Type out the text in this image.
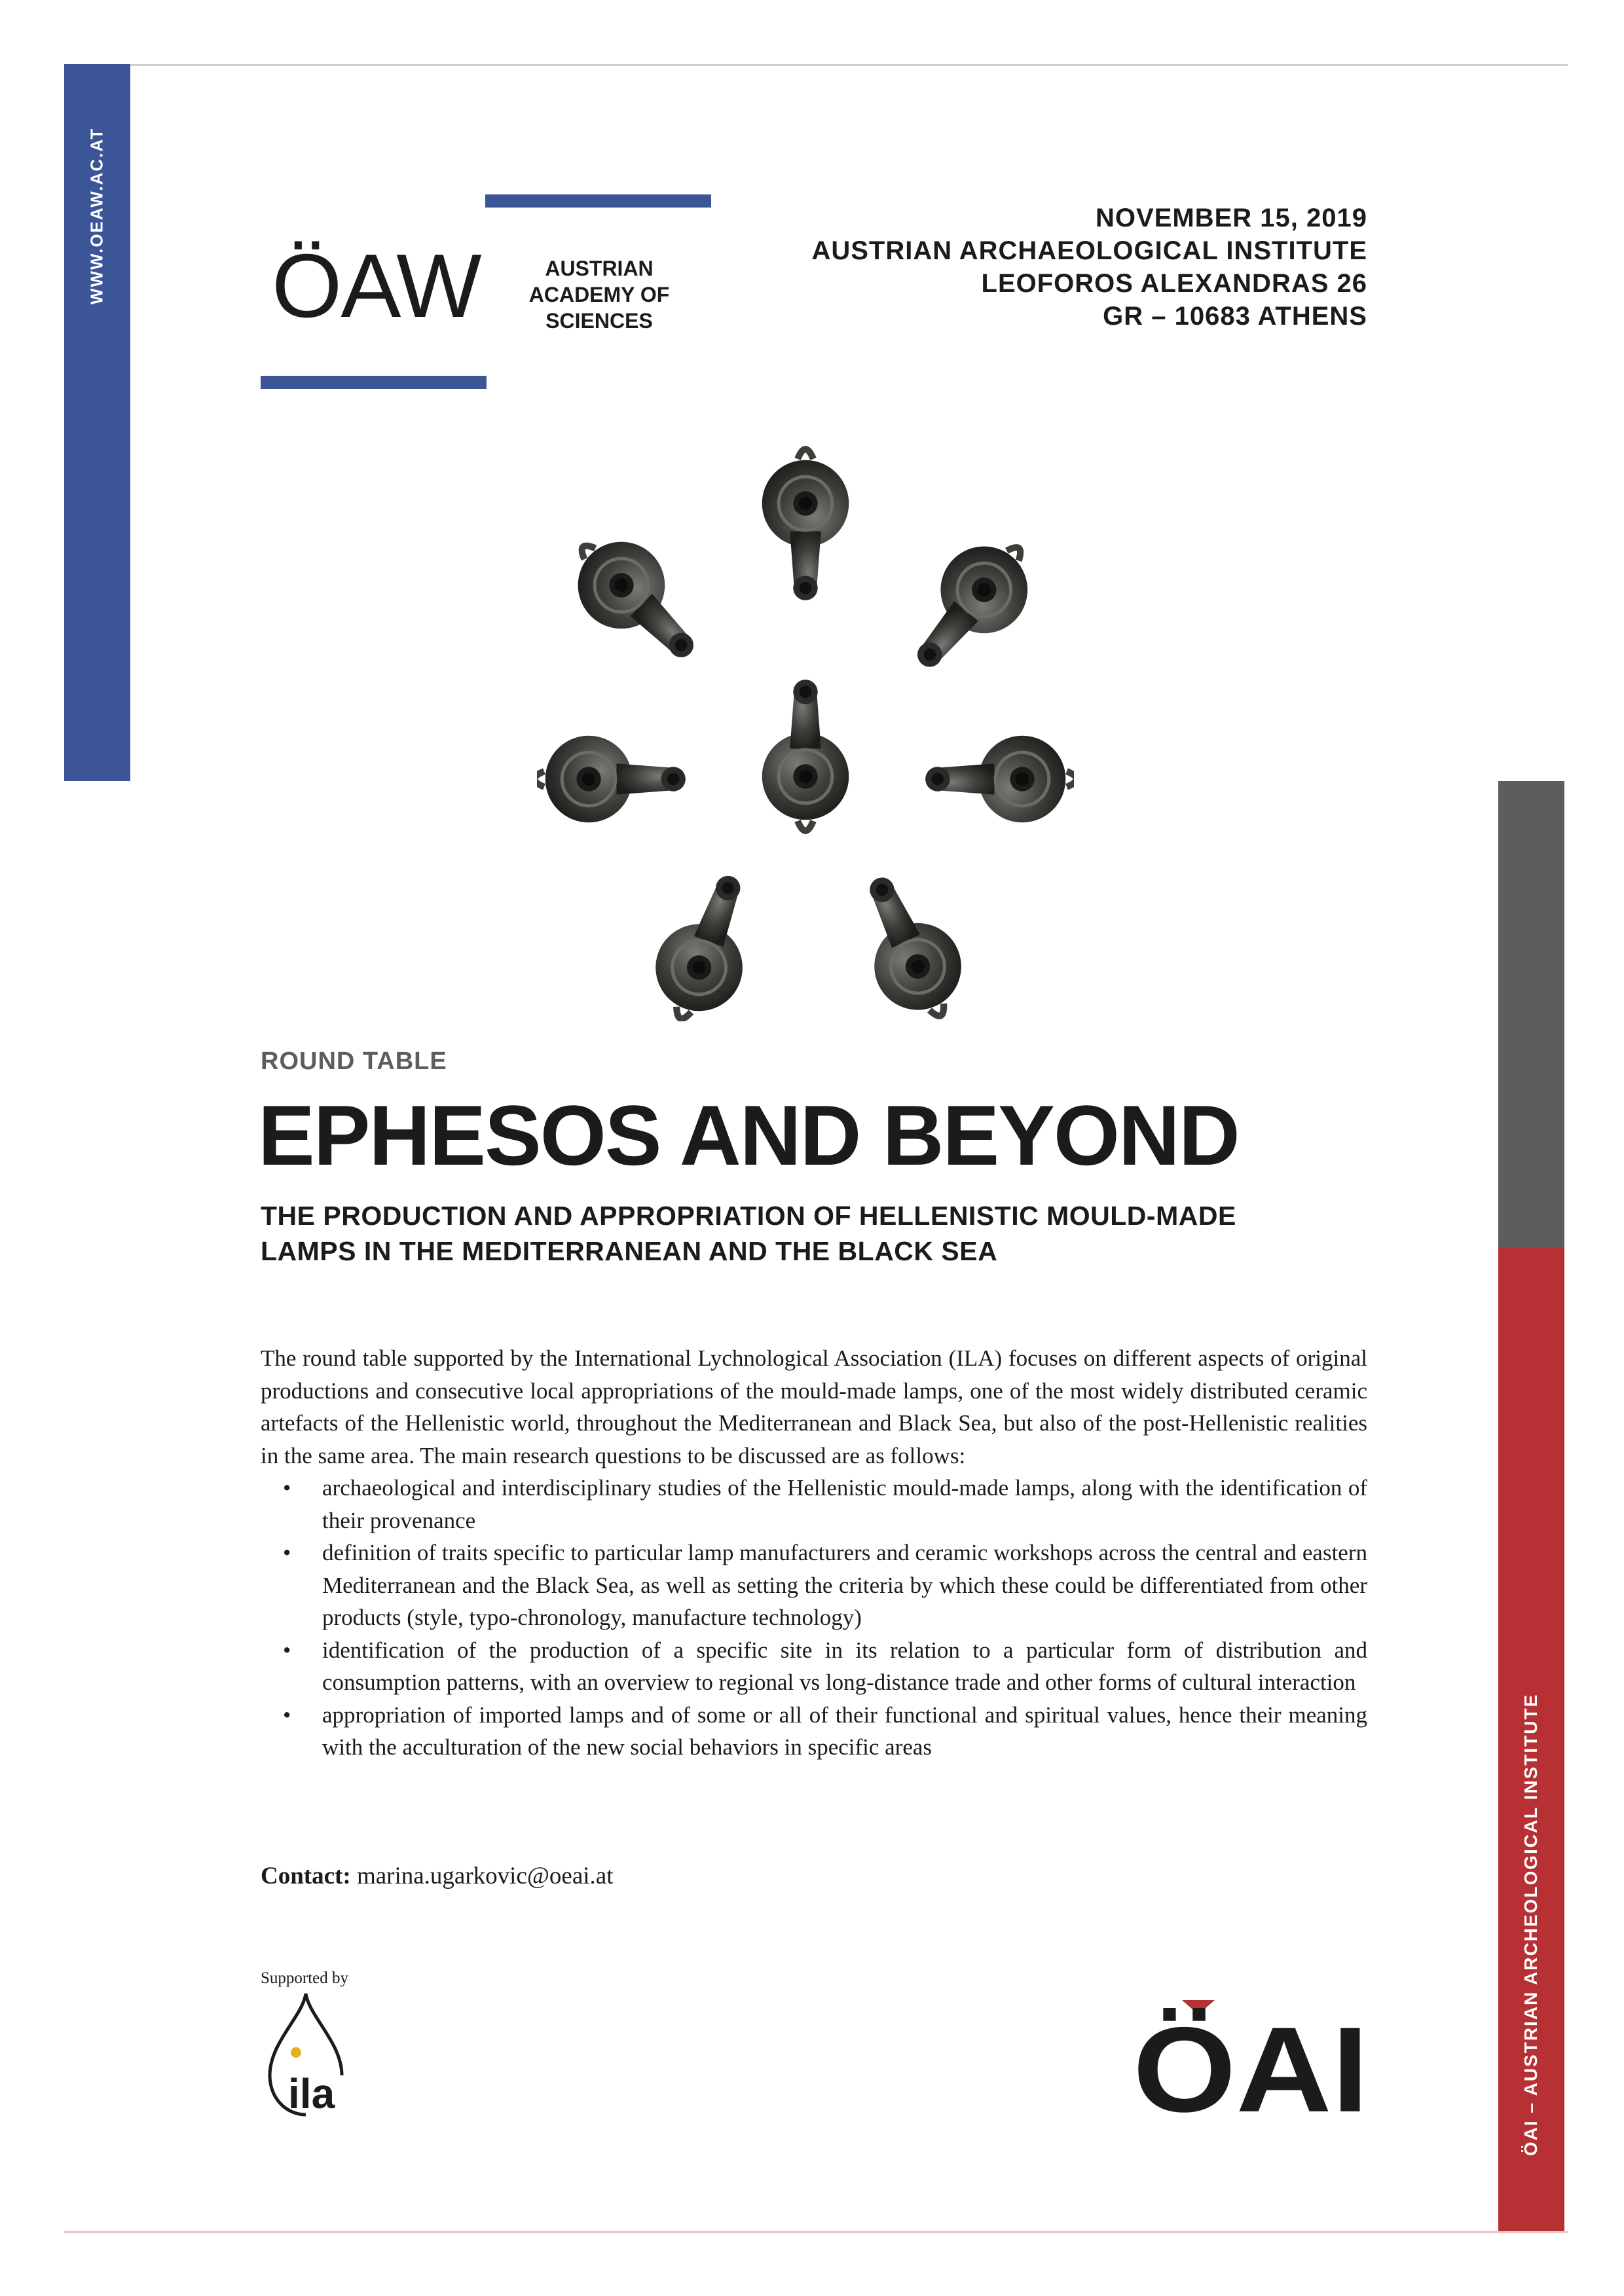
WWW.OEAW.AC.AT
ÖAI – AUSTRIAN ARCHEOLOGICAL INSTITUTE
ÖAW	AUSTRIAN
ACADEMY OF
SCIENCES
NOVEMBER 15, 2019
AUSTRIAN ARCHAEOLOGICAL INSTITUTE
LEOFOROS ALEXANDRAS 26
GR – 10683 ATHENS
ROUND TABLE
EPHESOS AND BEYOND
THE PRODUCTION AND APPROPRIATION OF HELLENISTIC MOULD-MADE
LAMPS IN THE MEDITERRANEAN AND THE BLACK SEA

The round table supported by the International Lychnological Association (ILA) focuses on different aspects of original productions and consecutive local appropriations of the mould-made lamps, one of the most widely distributed ceramic artefacts of the Hellenistic world, throughout the Mediterranean and Black Sea, but also of the post-Hellenistic realities in the same area. The main research questions to be discussed are as follows:

• archaeological and interdisciplinary studies of the Hellenistic mould-made lamps, along with the identification of their provenance
• definition of traits specific to particular lamp manufacturers and ceramic workshops across the central and eastern Mediterranean and the Black Sea, as well as setting the criteria by which these could be differentiated from other products (style, typo-chronology, manufacture technology)
• identification of the production of a specific site in its relation to a particular form of distribution and consumption patterns, with an overview to regional vs long-distance trade and other forms of cultural interaction
• appropriation of imported lamps and of some or all of their functional and spiritual values, hence their meaning with the acculturation of the new social behaviors in specific areas
Contact: marina.ugarkovic@oeai.at
Supported by
ila	ÖAI
